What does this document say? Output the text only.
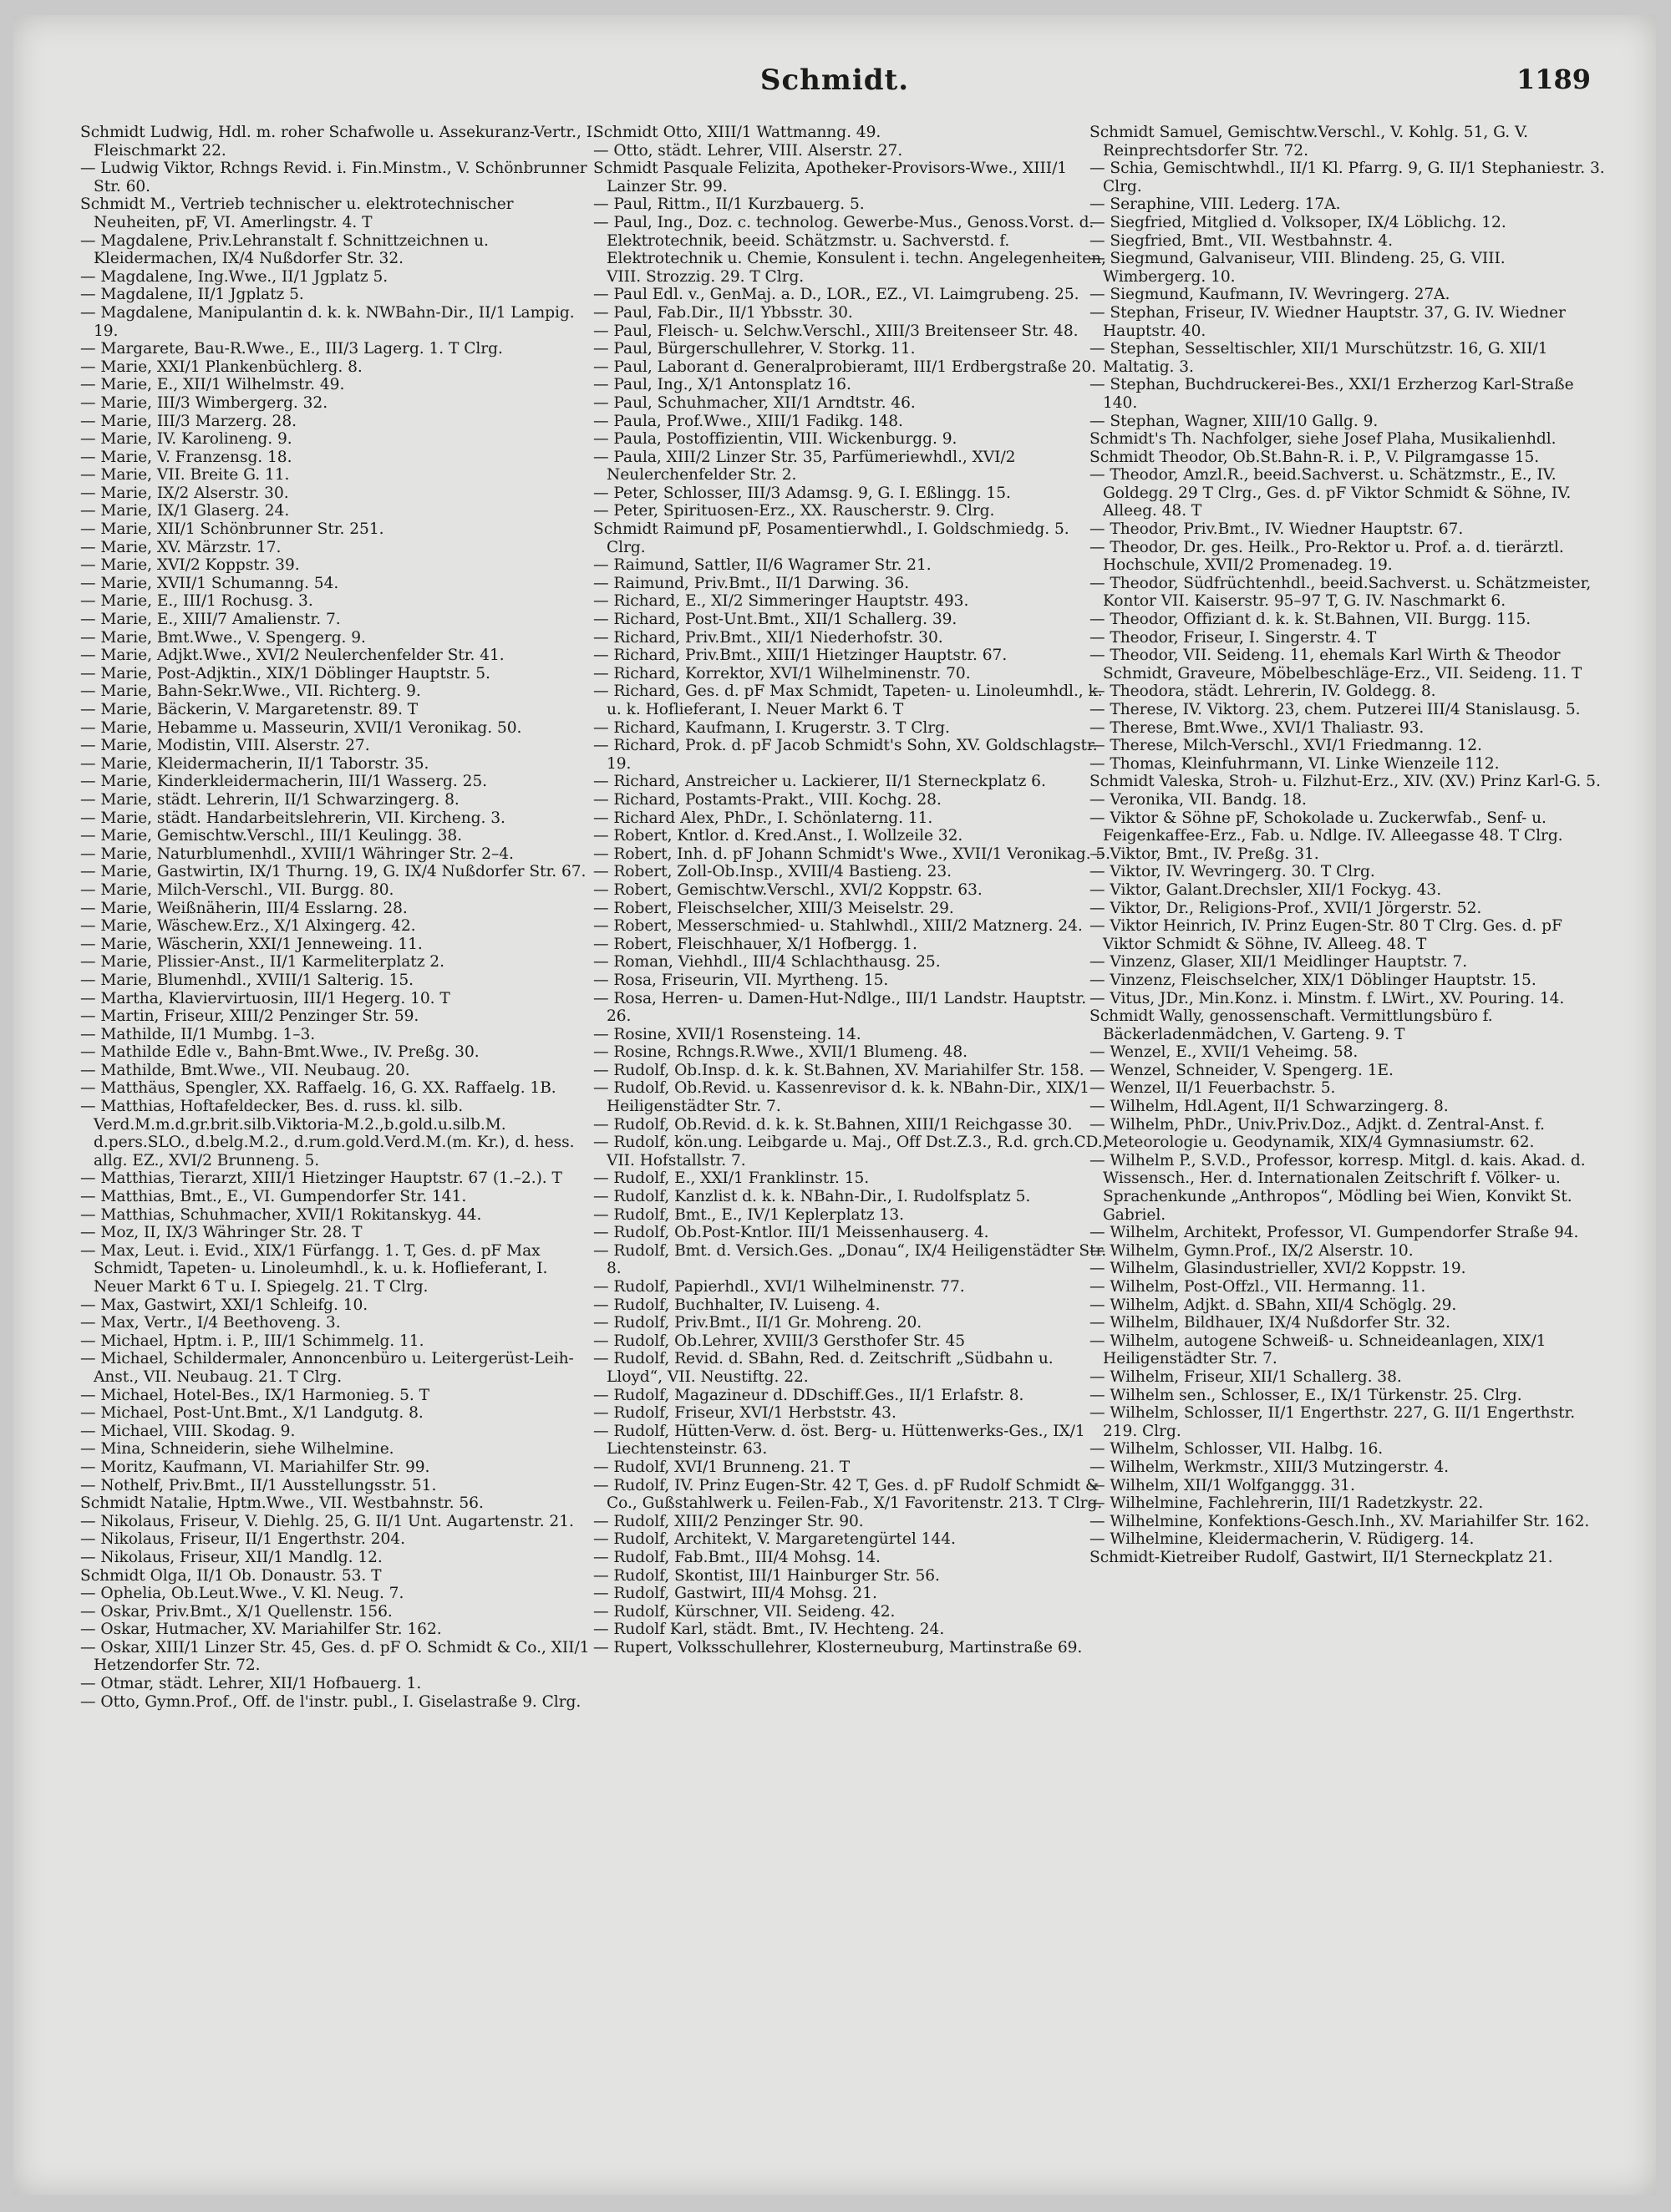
Schmidt.	1189

Schmidt Ludwig, Hdl. m. roher Schafwolle u. Assekuranz-Vertr., I. Fleischmarkt 22.

— Ludwig Viktor, Rchngs Revid. i. Fin.Minstm., V. Schönbrunner Str. 60.

Schmidt M., Vertrieb technischer u. elektrotechnischer Neuheiten, pF, VI. Amerlingstr. 4. T

— Magdalene, Priv.Lehranstalt f. Schnittzeichnen u. Kleidermachen, IX/4 Nußdorfer Str. 32.

— Magdalene, Ing.Wwe., II/1 Jgplatz 5.

— Magdalene, II/1 Jgplatz 5.

— Magdalene, Manipulantin d. k. k. NWBahn-Dir., II/1 Lampig. 19.

— Margarete, Bau-R.Wwe., E., III/3 Lagerg. 1. T Clrg.

— Marie, XXI/1 Plankenbüchlerg. 8.

— Marie, E., XII/1 Wilhelmstr. 49.

— Marie, III/3 Wimbergerg. 32.

— Marie, III/3 Marzerg. 28.

— Marie, IV. Karolineng. 9.

— Marie, V. Franzensg. 18.

— Marie, VII. Breite G. 11.

— Marie, IX/2 Alserstr. 30.

— Marie, IX/1 Glaserg. 24.

— Marie, XII/1 Schönbrunner Str. 251.

— Marie, XV. Märzstr. 17.

— Marie, XVI/2 Koppstr. 39.

— Marie, XVII/1 Schumanng. 54.

— Marie, E., III/1 Rochusg. 3.

— Marie, E., XIII/7 Amalienstr. 7.

— Marie, Bmt.Wwe., V. Spengerg. 9.

— Marie, Adjkt.Wwe., XVI/2 Neulerchenfelder Str. 41.

— Marie, Post-Adjktin., XIX/1 Döblinger Hauptstr. 5.

— Marie, Bahn-Sekr.Wwe., VII. Richterg. 9.

— Marie, Bäckerin, V. Margaretenstr. 89. T

— Marie, Hebamme u. Masseurin, XVII/1 Veronikag. 50.

— Marie, Modistin, VIII. Alserstr. 27.

— Marie, Kleidermacherin, II/1 Taborstr. 35.

— Marie, Kinderkleidermacherin, III/1 Wasserg. 25.

— Marie, städt. Lehrerin, II/1 Schwarzingerg. 8.

— Marie, städt. Handarbeitslehrerin, VII. Kircheng. 3.

— Marie, Gemischtw.Verschl., III/1 Keulingg. 38.

— Marie, Naturblumenhdl., XVIII/1 Währinger Str. 2–4.

— Marie, Gastwirtin, IX/1 Thurng. 19, G. IX/4 Nußdorfer Str. 67.

— Marie, Milch-Verschl., VII. Burgg. 80.

— Marie, Weißnäherin, III/4 Esslarng. 28.

— Marie, Wäschew.Erz., X/1 Alxingerg. 42.

— Marie, Wäscherin, XXI/1 Jenneweing. 11.

— Marie, Plissier-Anst., II/1 Karmeliterplatz 2.

— Marie, Blumenhdl., XVIII/1 Salterig. 15.

— Martha, Klaviervirtuosin, III/1 Hegerg. 10. T

— Martin, Friseur, XIII/2 Penzinger Str. 59.

— Mathilde, II/1 Mumbg. 1–3.

— Mathilde Edle v., Bahn-Bmt.Wwe., IV. Preßg. 30.

— Mathilde, Bmt.Wwe., VII. Neubaug. 20.

— Matthäus, Spengler, XX. Raffaelg. 16, G. XX. Raffaelg. 1B.

— Matthias, Hoftafeldecker, Bes. d. russ. kl. silb. Verd.M.m.d.gr.brit.silb.Viktoria-M.2.,b.gold.u.silb.M. d.pers.SLO., d.belg.M.2., d.rum.gold.Verd.M.(m. Kr.), d. hess. allg. EZ., XVI/2 Brunneng. 5.

— Matthias, Tierarzt, XIII/1 Hietzinger Hauptstr. 67 (1.–2.). T

— Matthias, Bmt., E., VI. Gumpendorfer Str. 141.

— Matthias, Schuhmacher, XVII/1 Rokitanskyg. 44.

— Moz, II, IX/3 Währinger Str. 28. T

— Max, Leut. i. Evid., XIX/1 Fürfangg. 1. T, Ges. d. pF Max Schmidt, Tapeten- u. Linoleumhdl., k. u. k. Hoflieferant, I. Neuer Markt 6 T u. I. Spiegelg. 21. T Clrg.

— Max, Gastwirt, XXI/1 Schleifg. 10.

— Max, Vertr., I/4 Beethoveng. 3.

— Michael, Hptm. i. P., III/1 Schimmelg. 11.

— Michael, Schildermaler, Annoncenbüro u. Leitergerüst-Leih-Anst., VII. Neubaug. 21. T Clrg.

— Michael, Hotel-Bes., IX/1 Harmonieg. 5. T

— Michael, Post-Unt.Bmt., X/1 Landgutg. 8.

— Michael, VIII. Skodag. 9.

— Mina, Schneiderin, siehe Wilhelmine.

— Moritz, Kaufmann, VI. Mariahilfer Str. 99.

— Nothelf, Priv.Bmt., II/1 Ausstellungsstr. 51.

Schmidt Natalie, Hptm.Wwe., VII. Westbahnstr. 56.

— Nikolaus, Friseur, V. Diehlg. 25, G. II/1 Unt. Augartenstr. 21.

— Nikolaus, Friseur, II/1 Engerthstr. 204.

— Nikolaus, Friseur, XII/1 Mandlg. 12.

Schmidt Olga, II/1 Ob. Donaustr. 53. T

— Ophelia, Ob.Leut.Wwe., V. Kl. Neug. 7.

— Oskar, Priv.Bmt., X/1 Quellenstr. 156.

— Oskar, Hutmacher, XV. Mariahilfer Str. 162.

— Oskar, XIII/1 Linzer Str. 45, Ges. d. pF O. Schmidt & Co., XII/1 Hetzendorfer Str. 72.

— Otmar, städt. Lehrer, XII/1 Hofbauerg. 1.

— Otto, Gymn.Prof., Off. de l'instr. publ., I. Giselastraße 9. Clrg.

Schmidt Otto, XIII/1 Wattmanng. 49.

— Otto, städt. Lehrer, VIII. Alserstr. 27.

Schmidt Pasquale Felizita, Apotheker-Provisors-Wwe., XIII/1 Lainzer Str. 99.

— Paul, Rittm., II/1 Kurzbauerg. 5.

— Paul, Ing., Doz. c. technolog. Gewerbe-Mus., Genoss.Vorst. d. Elektrotechnik, beeid. Schätzmstr. u. Sachverstd. f. Elektrotechnik u. Chemie, Konsulent i. techn. Angelegenheiten, VIII. Strozzig. 29. T Clrg.

— Paul Edl. v., GenMaj. a. D., LOR., EZ., VI. Laimgrubeng. 25.

— Paul, Fab.Dir., II/1 Ybbsstr. 30.

— Paul, Fleisch- u. Selchw.Verschl., XIII/3 Breitenseer Str. 48.

— Paul, Bürgerschullehrer, V. Storkg. 11.

— Paul, Laborant d. Generalprobieramt, III/1 Erdbergstraße 20.

— Paul, Ing., X/1 Antonsplatz 16.

— Paul, Schuhmacher, XII/1 Arndtstr. 46.

— Paula, Prof.Wwe., XIII/1 Fadikg. 148.

— Paula, Postoffizientin, VIII. Wickenburgg. 9.

— Paula, XIII/2 Linzer Str. 35, Parfümeriewhdl., XVI/2 Neulerchenfelder Str. 2.

— Peter, Schlosser, III/3 Adamsg. 9, G. I. Eßlingg. 15.

— Peter, Spirituosen-Erz., XX. Rauscherstr. 9. Clrg.

Schmidt Raimund pF, Posamentierwhdl., I. Goldschmiedg. 5. Clrg.

— Raimund, Sattler, II/6 Wagramer Str. 21.

— Raimund, Priv.Bmt., II/1 Darwing. 36.

— Richard, E., XI/2 Simmeringer Hauptstr. 493.

— Richard, Post-Unt.Bmt., XII/1 Schallerg. 39.

— Richard, Priv.Bmt., XII/1 Niederhofstr. 30.

— Richard, Priv.Bmt., XIII/1 Hietzinger Hauptstr. 67.

— Richard, Korrektor, XVI/1 Wilhelminenstr. 70.

— Richard, Ges. d. pF Max Schmidt, Tapeten- u. Linoleumhdl., k. u. k. Hoflieferant, I. Neuer Markt 6. T

— Richard, Kaufmann, I. Krugerstr. 3. T Clrg.

— Richard, Prok. d. pF Jacob Schmidt's Sohn, XV. Goldschlagstr. 19.

— Richard, Anstreicher u. Lackierer, II/1 Sterneckplatz 6.

— Richard, Postamts-Prakt., VIII. Kochg. 28.

— Richard Alex, PhDr., I. Schönlaterng. 11.

— Robert, Kntlor. d. Kred.Anst., I. Wollzeile 32.

— Robert, Inh. d. pF Johann Schmidt's Wwe., XVII/1 Veronikag. 5.

— Robert, Zoll-Ob.Insp., XVIII/4 Bastieng. 23.

— Robert, Gemischtw.Verschl., XVI/2 Koppstr. 63.

— Robert, Fleischselcher, XIII/3 Meiselstr. 29.

— Robert, Messerschmied- u. Stahlwhdl., XIII/2 Matznerg. 24.

— Robert, Fleischhauer, X/1 Hofbergg. 1.

— Roman, Viehhdl., III/4 Schlachthausg. 25.

— Rosa, Friseurin, VII. Myrtheng. 15.

— Rosa, Herren- u. Damen-Hut-Ndlge., III/1 Landstr. Hauptstr. 26.

— Rosine, XVII/1 Rosensteing. 14.

— Rosine, Rchngs.R.Wwe., XVII/1 Blumeng. 48.

— Rudolf, Ob.Insp. d. k. k. St.Bahnen, XV. Mariahilfer Str. 158.

— Rudolf, Ob.Revid. u. Kassenrevisor d. k. k. NBahn-Dir., XIX/1 Heiligenstädter Str. 7.

— Rudolf, Ob.Revid. d. k. k. St.Bahnen, XIII/1 Reichgasse 30.

— Rudolf, kön.ung. Leibgarde u. Maj., Off Dst.Z.3., R.d. grch.CD., VII. Hofstallstr. 7.

— Rudolf, E., XXI/1 Franklinstr. 15.

— Rudolf, Kanzlist d. k. k. NBahn-Dir., I. Rudolfsplatz 5.

— Rudolf, Bmt., E., IV/1 Keplerplatz 13.

— Rudolf, Ob.Post-Kntlor. III/1 Meissenhauserg. 4.

— Rudolf, Bmt. d. Versich.Ges. „Donau“, IX/4 Heiligenstädter Str. 8.

— Rudolf, Papierhdl., XVI/1 Wilhelminenstr. 77.

— Rudolf, Buchhalter, IV. Luiseng. 4.

— Rudolf, Priv.Bmt., II/1 Gr. Mohreng. 20.

— Rudolf, Ob.Lehrer, XVIII/3 Gersthofer Str. 45

— Rudolf, Revid. d. SBahn, Red. d. Zeitschrift „Südbahn u. Lloyd“, VII. Neustiftg. 22.

— Rudolf, Magazineur d. DDschiff.Ges., II/1 Erlafstr. 8.

— Rudolf, Friseur, XVI/1 Herbststr. 43.

— Rudolf, Hütten-Verw. d. öst. Berg- u. Hüttenwerks-Ges., IX/1 Liechtensteinstr. 63.

— Rudolf, XVI/1 Brunneng. 21. T

— Rudolf, IV. Prinz Eugen-Str. 42 T, Ges. d. pF Rudolf Schmidt & Co., Gußstahlwerk u. Feilen-Fab., X/1 Favoritenstr. 213. T Clrg.

— Rudolf, XIII/2 Penzinger Str. 90.

— Rudolf, Architekt, V. Margaretengürtel 144.

— Rudolf, Fab.Bmt., III/4 Mohsg. 14.

— Rudolf, Skontist, III/1 Hainburger Str. 56.

— Rudolf, Gastwirt, III/4 Mohsg. 21.

— Rudolf, Kürschner, VII. Seideng. 42.

— Rudolf Karl, städt. Bmt., IV. Hechteng. 24.

— Rupert, Volksschullehrer, Klosterneuburg, Martinstraße 69.

Schmidt Samuel, Gemischtw.Verschl., V. Kohlg. 51, G. V. Reinprechtsdorfer Str. 72.

— Schia, Gemischtwhdl., II/1 Kl. Pfarrg. 9, G. II/1 Stephaniestr. 3. Clrg.

— Seraphine, VIII. Lederg. 17A.

— Siegfried, Mitglied d. Volksoper, IX/4 Löblichg. 12.

— Siegfried, Bmt., VII. Westbahnstr. 4.

— Siegmund, Galvaniseur, VIII. Blindeng. 25, G. VIII. Wimbergerg. 10.

— Siegmund, Kaufmann, IV. Wevringerg. 27A.

— Stephan, Friseur, IV. Wiedner Hauptstr. 37, G. IV. Wiedner Hauptstr. 40.

— Stephan, Sesseltischler, XII/1 Murschützstr. 16, G. XII/1 Maltatig. 3.

— Stephan, Buchdruckerei-Bes., XXI/1 Erzherzog Karl-Straße 140.

— Stephan, Wagner, XIII/10 Gallg. 9.

Schmidt's Th. Nachfolger, siehe Josef Plaha, Musikalienhdl.

Schmidt Theodor, Ob.St.Bahn-R. i. P., V. Pilgramgasse 15.

— Theodor, Amzl.R., beeid.Sachverst. u. Schätzmstr., E., IV. Goldegg. 29 T Clrg., Ges. d. pF Viktor Schmidt & Söhne, IV. Alleeg. 48. T

— Theodor, Priv.Bmt., IV. Wiedner Hauptstr. 67.

— Theodor, Dr. ges. Heilk., Pro-Rektor u. Prof. a. d. tierärztl. Hochschule, XVII/2 Promenadeg. 19.

— Theodor, Südfrüchtenhdl., beeid.Sachverst. u. Schätzmeister, Kontor VII. Kaiserstr. 95–97 T, G. IV. Naschmarkt 6.

— Theodor, Offiziant d. k. k. St.Bahnen, VII. Burgg. 115.

— Theodor, Friseur, I. Singerstr. 4. T

— Theodor, VII. Seideng. 11, ehemals Karl Wirth & Theodor Schmidt, Graveure, Möbelbeschläge-Erz., VII. Seideng. 11. T

— Theodora, städt. Lehrerin, IV. Goldegg. 8.

— Therese, IV. Viktorg. 23, chem. Putzerei III/4 Stanislausg. 5.

— Therese, Bmt.Wwe., XVI/1 Thaliastr. 93.

— Therese, Milch-Verschl., XVI/1 Friedmanng. 12.

— Thomas, Kleinfuhrmann, VI. Linke Wienzeile 112.

Schmidt Valeska, Stroh- u. Filzhut-Erz., XIV. (XV.) Prinz Karl-G. 5.

— Veronika, VII. Bandg. 18.

— Viktor & Söhne pF, Schokolade u. Zuckerwfab., Senf- u. Feigenkaffee-Erz., Fab. u. Ndlge. IV. Alleegasse 48. T Clrg.

— Viktor, Bmt., IV. Preßg. 31.

— Viktor, IV. Wevringerg. 30. T Clrg.

— Viktor, Galant.Drechsler, XII/1 Fockyg. 43.

— Viktor, Dr., Religions-Prof., XVII/1 Jörgerstr. 52.

— Viktor Heinrich, IV. Prinz Eugen-Str. 80 T Clrg. Ges. d. pF Viktor Schmidt & Söhne, IV. Alleeg. 48. T

— Vinzenz, Glaser, XII/1 Meidlinger Hauptstr. 7.

— Vinzenz, Fleischselcher, XIX/1 Döblinger Hauptstr. 15.

— Vitus, JDr., Min.Konz. i. Minstm. f. LWirt., XV. Pouring. 14.

Schmidt Wally, genossenschaft. Vermittlungsbüro f. Bäckerladenmädchen, V. Garteng. 9. T

— Wenzel, E., XVII/1 Veheimg. 58.

— Wenzel, Schneider, V. Spengerg. 1E.

— Wenzel, II/1 Feuerbachstr. 5.

— Wilhelm, Hdl.Agent, II/1 Schwarzingerg. 8.

— Wilhelm, PhDr., Univ.Priv.Doz., Adjkt. d. Zentral-Anst. f. Meteorologie u. Geodynamik, XIX/4 Gymnasiumstr. 62.

— Wilhelm P., S.V.D., Professor, korresp. Mitgl. d. kais. Akad. d. Wissensch., Her. d. Internationalen Zeitschrift f. Völker- u. Sprachenkunde „Anthropos“, Mödling bei Wien, Konvikt St. Gabriel.

— Wilhelm, Architekt, Professor, VI. Gumpendorfer Straße 94.

— Wilhelm, Gymn.Prof., IX/2 Alserstr. 10.

— Wilhelm, Glasindustrieller, XVI/2 Koppstr. 19.

— Wilhelm, Post-Offzl., VII. Hermanng. 11.

— Wilhelm, Adjkt. d. SBahn, XII/4 Schöglg. 29.

— Wilhelm, Bildhauer, IX/4 Nußdorfer Str. 32.

— Wilhelm, autogene Schweiß- u. Schneideanlagen, XIX/1 Heiligenstädter Str. 7.

— Wilhelm, Friseur, XII/1 Schallerg. 38.

— Wilhelm sen., Schlosser, E., IX/1 Türkenstr. 25. Clrg.

— Wilhelm, Schlosser, II/1 Engerthstr. 227, G. II/1 Engerthstr. 219. Clrg.

— Wilhelm, Schlosser, VII. Halbg. 16.

— Wilhelm, Werkmstr., XIII/3 Mutzingerstr. 4.

— Wilhelm, XII/1 Wolfganggg. 31.

— Wilhelmine, Fachlehrerin, III/1 Radetzkystr. 22.

— Wilhelmine, Konfektions-Gesch.Inh., XV. Mariahilfer Str. 162.

— Wilhelmine, Kleidermacherin, V. Rüdigerg. 14.

Schmidt-Kietreiber Rudolf, Gastwirt, II/1 Sterneckplatz 21.
